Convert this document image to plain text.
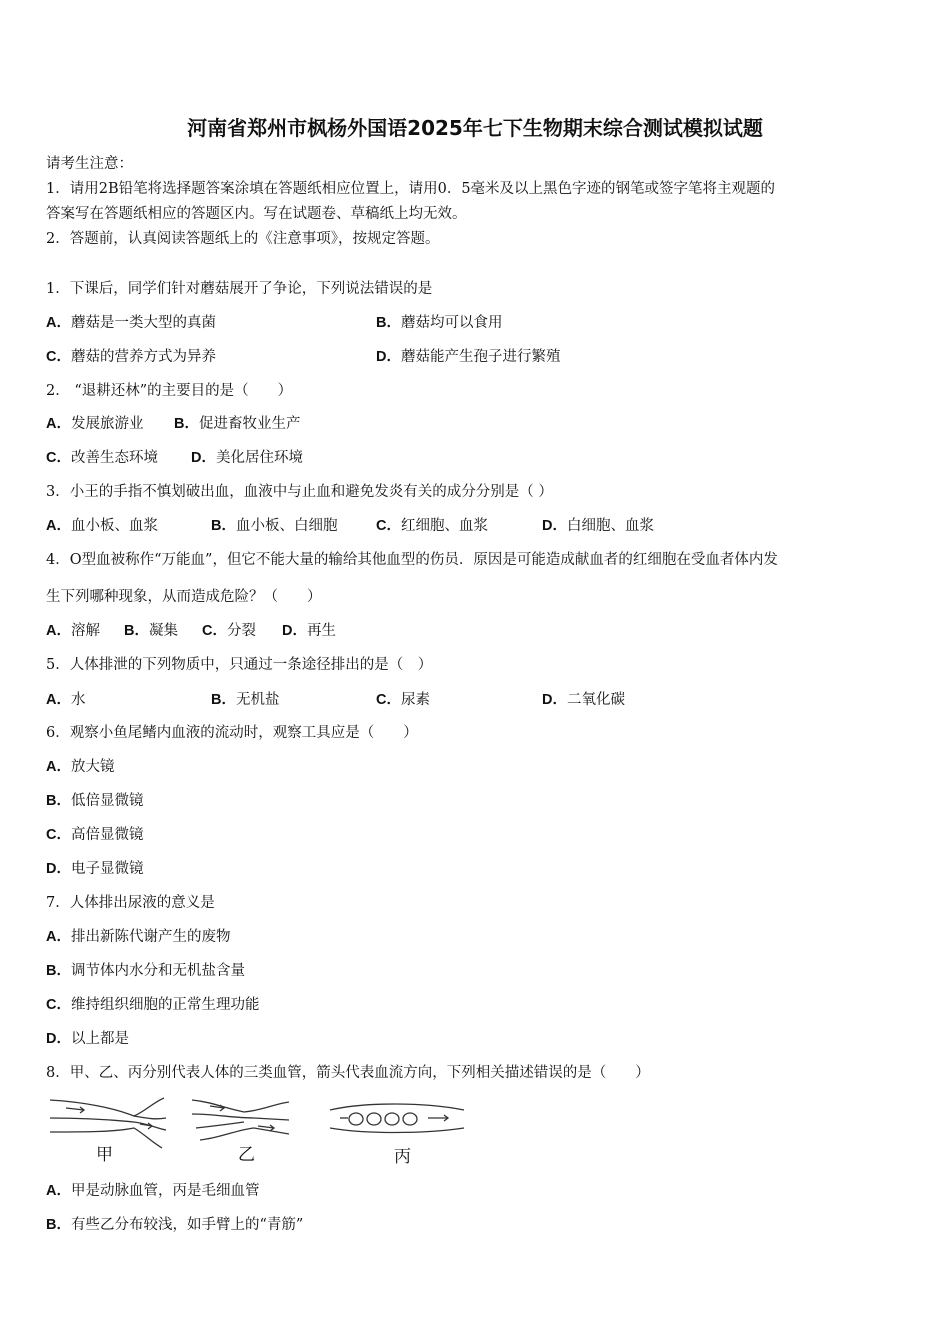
河南省郑州市枫杨外国语2025年七下生物期末综合测试模拟试题
请考生注意：
1．请用2B铅笔将选择题答案涂填在答题纸相应位置上，请用0．5毫米及以上黑色字迹的钢笔或签字笔将主观题的
答案写在答题纸相应的答题区内。写在试题卷、草稿纸上均无效。
2．答题前，认真阅读答题纸上的《注意事项》，按规定答题。
1．下课后，同学们针对蘑菇展开了争论，下列说法错误的是
A．蘑菇是一类大型的真菌	B．蘑菇均可以食用
C．蘑菇的营养方式为异养	D．蘑菇能产生孢子进行繁殖
2． “退耕还林”的主要目的是（　　）
A．发展旅游业 B．促进畜牧业生产
C．改善生态环境 D．美化居住环境
3．小王的手指不慎划破出血，血液中与止血和避免发炎有关的成分分别是（ ）
A．血小板、血浆	B．血小板、白细胞	C．红细胞、血浆	D．白细胞、血浆
4．O型血被称作“万能血”，但它不能大量的输给其他血型的伤员．原因是可能造成献血者的红细胞在受血者体内发
生下列哪种现象，从而造成危险？（　　）
A．溶解 B．凝集 C．分裂 D．再生
5．人体排泄的下列物质中，只通过一条途径排出的是（　）
A．水	B．无机盐	C．尿素	D．二氧化碳
6．观察小鱼尾鳍内血液的流动时，观察工具应是（　　）
A．放大镜
B．低倍显微镜
C．高倍显微镜
D．电子显微镜
7．人体排出尿液的意义是
A．排出新陈代谢产生的废物
B．调节体内水分和无机盐含量
C．维持组织细胞的正常生理功能
D．以上都是
8．甲、乙、丙分别代表人体的三类血管，箭头代表血流方向，下列相关描述错误的是（　　）
甲	乙	丙
A．甲是动脉血管，丙是毛细血管
B．有些乙分布较浅，如手臂上的“青筋”
